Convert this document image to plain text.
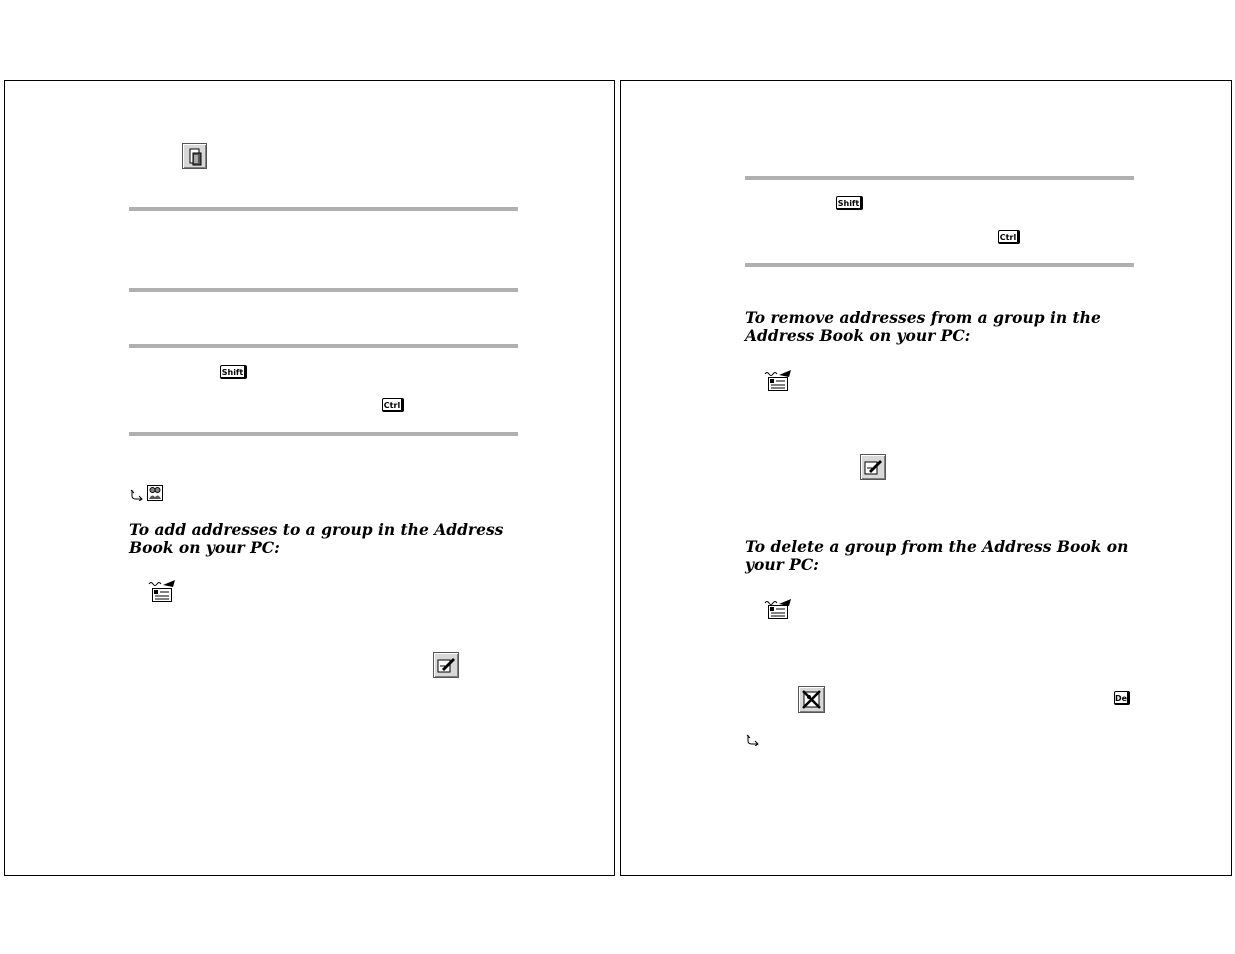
Shift
Ctrl

To add addresses to a group in the Address Book on your PC:

Shift
Ctrl

To remove addresses from a group in the Address Book on your PC:

To delete a group from the Address Book on your PC:

Del
